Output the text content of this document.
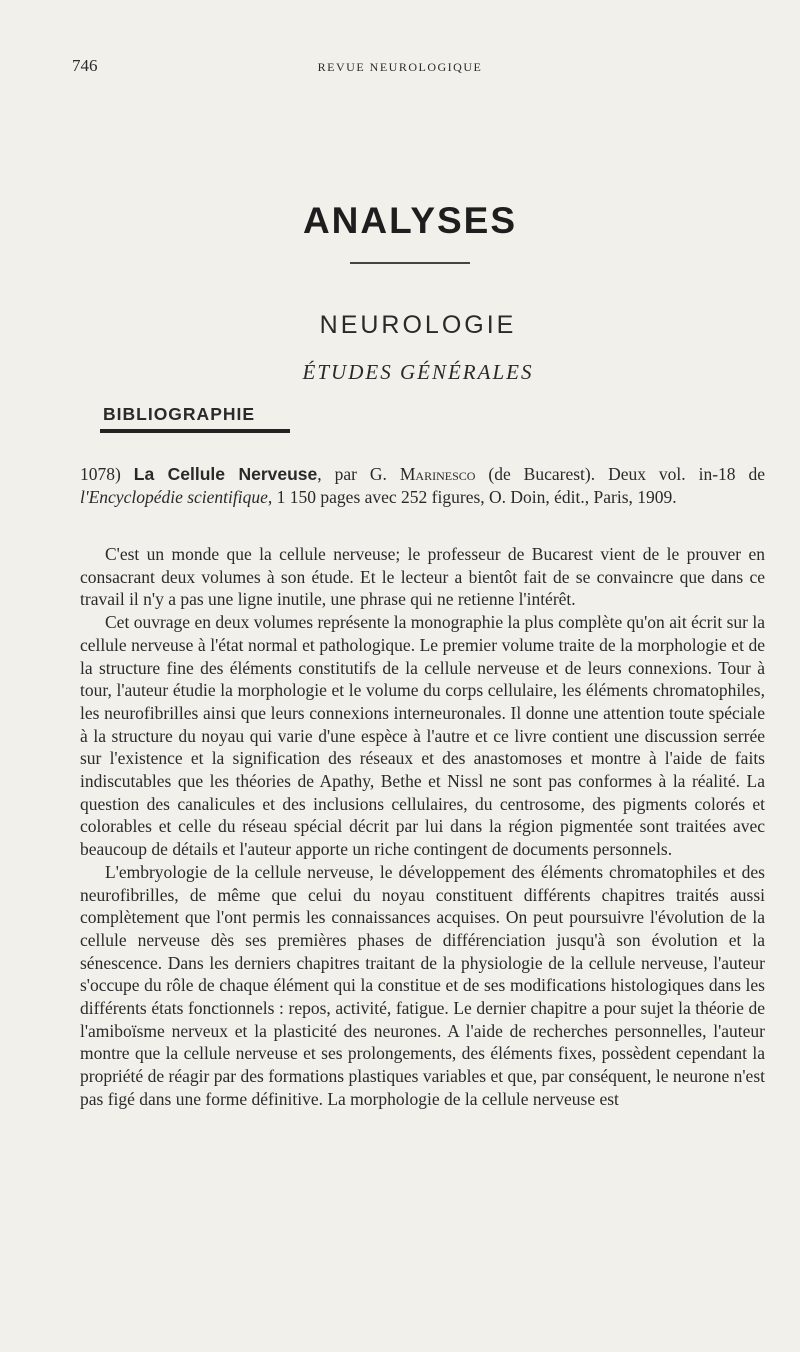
746	REVUE NEUROLOGIQUE
ANALYSES
NEUROLOGIE
ÉTUDES GÉNÉRALES
BIBLIOGRAPHIE
1078) La Cellule Nerveuse, par G. Marinesco (de Bucarest). Deux vol. in-18 de l'Encyclopédie scientifique, 1 150 pages avec 252 figures, O. Doin, édit., Paris, 1909.

C'est un monde que la cellule nerveuse; le professeur de Bucarest vient de le prouver en consacrant deux volumes à son étude. Et le lecteur a bientôt fait de se convaincre que dans ce travail il n'y a pas une ligne inutile, une phrase qui ne retienne l'intérêt.

Cet ouvrage en deux volumes représente la monographie la plus complète qu'on ait écrit sur la cellule nerveuse à l'état normal et pathologique. Le premier volume traite de la morphologie et de la structure fine des éléments constitutifs de la cellule nerveuse et de leurs connexions. Tour à tour, l'auteur étudie la morphologie et le volume du corps cellulaire, les éléments chromatophiles, les neurofibrilles ainsi que leurs connexions interneuronales. Il donne une attention toute spéciale à la structure du noyau qui varie d'une espèce à l'autre et ce livre contient une discussion serrée sur l'existence et la signification des réseaux et des anastomoses et montre à l'aide de faits indiscutables que les théories de Apathy, Bethe et Nissl ne sont pas conformes à la réalité. La question des canalicules et des inclusions cellulaires, du centrosome, des pigments colorés et colorables et celle du réseau spécial décrit par lui dans la région pigmentée sont traitées avec beaucoup de détails et l'auteur apporte un riche contingent de documents personnels.

L'embryologie de la cellule nerveuse, le développement des éléments chromatophiles et des neurofibrilles, de même que celui du noyau constituent différents chapitres traités aussi complètement que l'ont permis les connaissances acquises. On peut poursuivre l'évolution de la cellule nerveuse dès ses premières phases de différenciation jusqu'à son évolution et la sénescence. Dans les derniers chapitres traitant de la physiologie de la cellule nerveuse, l'auteur s'occupe du rôle de chaque élément qui la constitue et de ses modifications histologiques dans les différents états fonctionnels : repos, activité, fatigue. Le dernier chapitre a pour sujet la théorie de l'amiboïsme nerveux et la plasticité des neurones. A l'aide de recherches personnelles, l'auteur montre que la cellule nerveuse et ses prolongements, des éléments fixes, possèdent cependant la propriété de réagir par des formations plastiques variables et que, par conséquent, le neurone n'est pas figé dans une forme définitive. La morphologie de la cellule nerveuse est
